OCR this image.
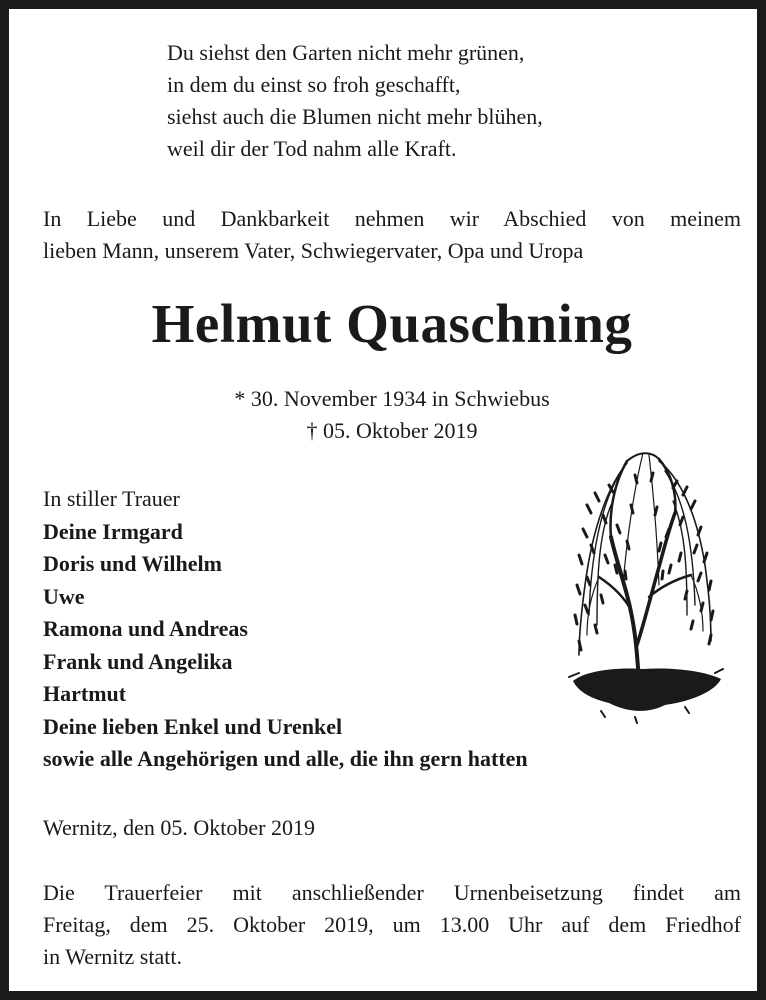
Du siehst den Garten nicht mehr grünen,
in dem du einst so froh geschafft,
siehst auch die Blumen nicht mehr blühen,
weil dir der Tod nahm alle Kraft.
In Liebe und Dankbarkeit nehmen wir Abschied von meinem
lieben Mann, unserem Vater, Schwiegervater, Opa und Uropa
Helmut Quaschning
* 30. November 1934 in Schwiebus
† 05. Oktober 2019
In stiller Trauer
Deine Irmgard
Doris und Wilhelm
Uwe
Ramona und Andreas
Frank und Angelika
Hartmut
Deine lieben Enkel und Urenkel
sowie alle Angehörigen und alle, die ihn gern hatten
Wernitz, den 05. Oktober 2019
Die Trauerfeier mit anschließender Urnenbeisetzung findet am
Freitag, dem 25. Oktober 2019, um 13.00 Uhr auf dem Friedhof
in Wernitz statt.
